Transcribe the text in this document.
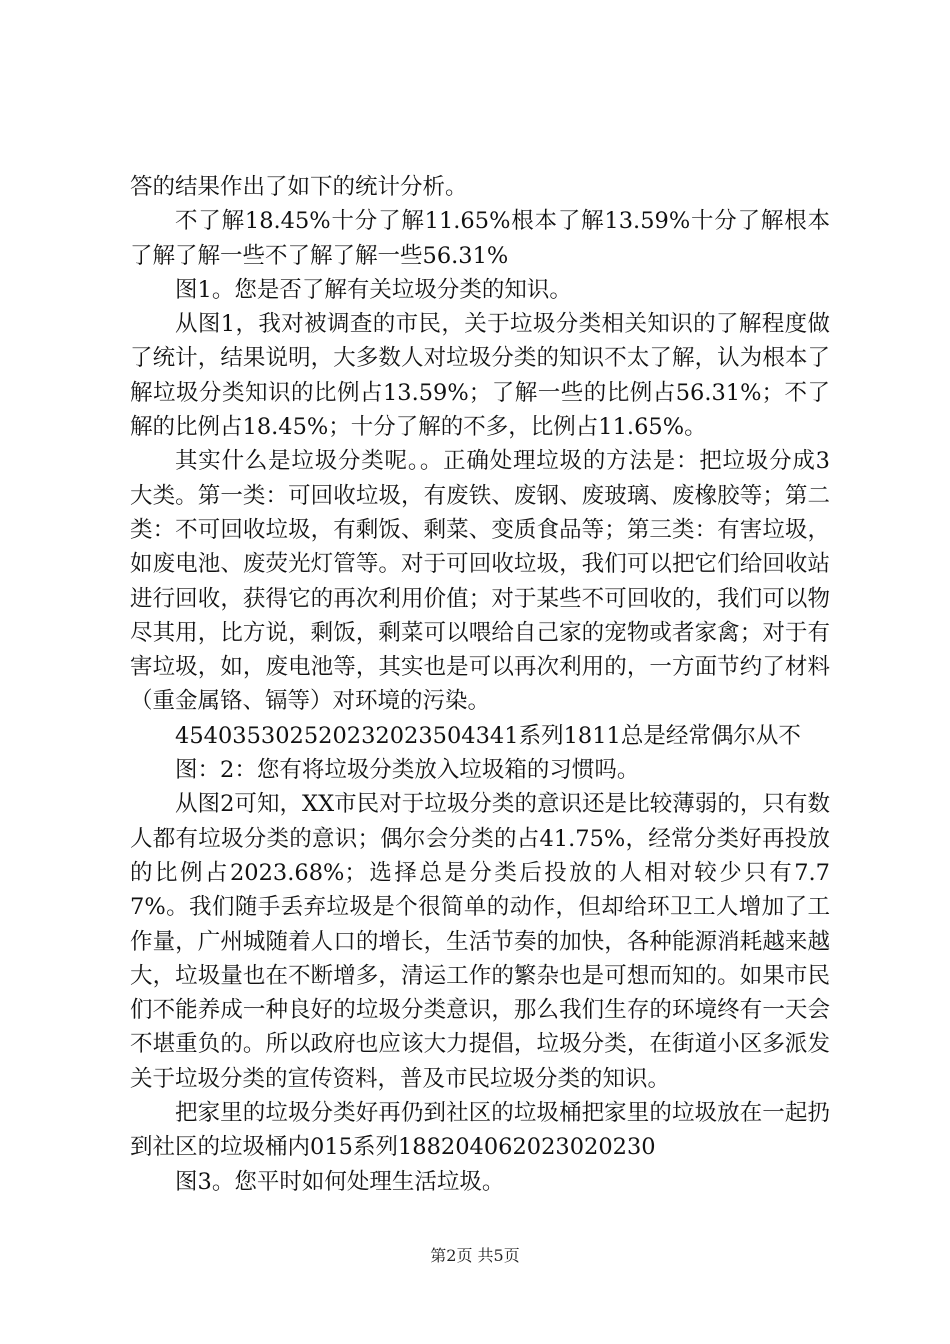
答的结果作出了如下的统计分析。

不了解18.45%十分了解11.65%根本了解13.59%十分了解根本了解了解一些不了解了解一些56.31%

图1。您是否了解有关垃圾分类的知识。

从图1，我对被调查的市民，关于垃圾分类相关知识的了解程度做了统计，结果说明，大多数人对垃圾分类的知识不太了解，认为根本了解垃圾分类知识的比例占13.59%；了解一些的比例占56.31%；不了解的比例占18.45%；十分了解的不多，比例占11.65%。

其实什么是垃圾分类呢。。正确处理垃圾的方法是：把垃圾分成3大类。第一类：可回收垃圾，有废铁、废钢、废玻璃、废橡胶等；第二类：不可回收垃圾，有剩饭、剩菜、变质食品等；第三类：有害垃圾，如废电池、废荧光灯管等。对于可回收垃圾，我们可以把它们给回收站进行回收，获得它的再次利用价值；对于某些不可回收的，我们可以物尽其用，比方说，剩饭，剩菜可以喂给自己家的宠物或者家禽；对于有害垃圾，如，废电池等，其实也是可以再次利用的，一方面节约了材料（重金属铬、镉等）对环境的污染。

454035302520232023504341系列1811总是经常偶尔从不

图：2：您有将垃圾分类放入垃圾箱的习惯吗。

从图2可知，XX市民对于垃圾分类的意识还是比较薄弱的，只有数人都有垃圾分类的意识；偶尔会分类的占41.75%，经常分类好再投放的比例占2023.68%；选择总是分类后投放的人相对较少只有7.77%。我们随手丢弃垃圾是个很简单的动作，但却给环卫工人增加了工作量，广州城随着人口的增长，生活节奏的加快，各种能源消耗越来越大，垃圾量也在不断增多，清运工作的繁杂也是可想而知的。如果市民们不能养成一种良好的垃圾分类意识，那么我们生存的环境终有一天会不堪重负的。所以政府也应该大力提倡，垃圾分类，在街道小区多派发关于垃圾分类的宣传资料，普及市民垃圾分类的知识。

把家里的垃圾分类好再仍到社区的垃圾桶把家里的垃圾放在一起扔到社区的垃圾桶内015系列188204062023020230

图3。您平时如何处理生活垃圾。

第2页 共5页
